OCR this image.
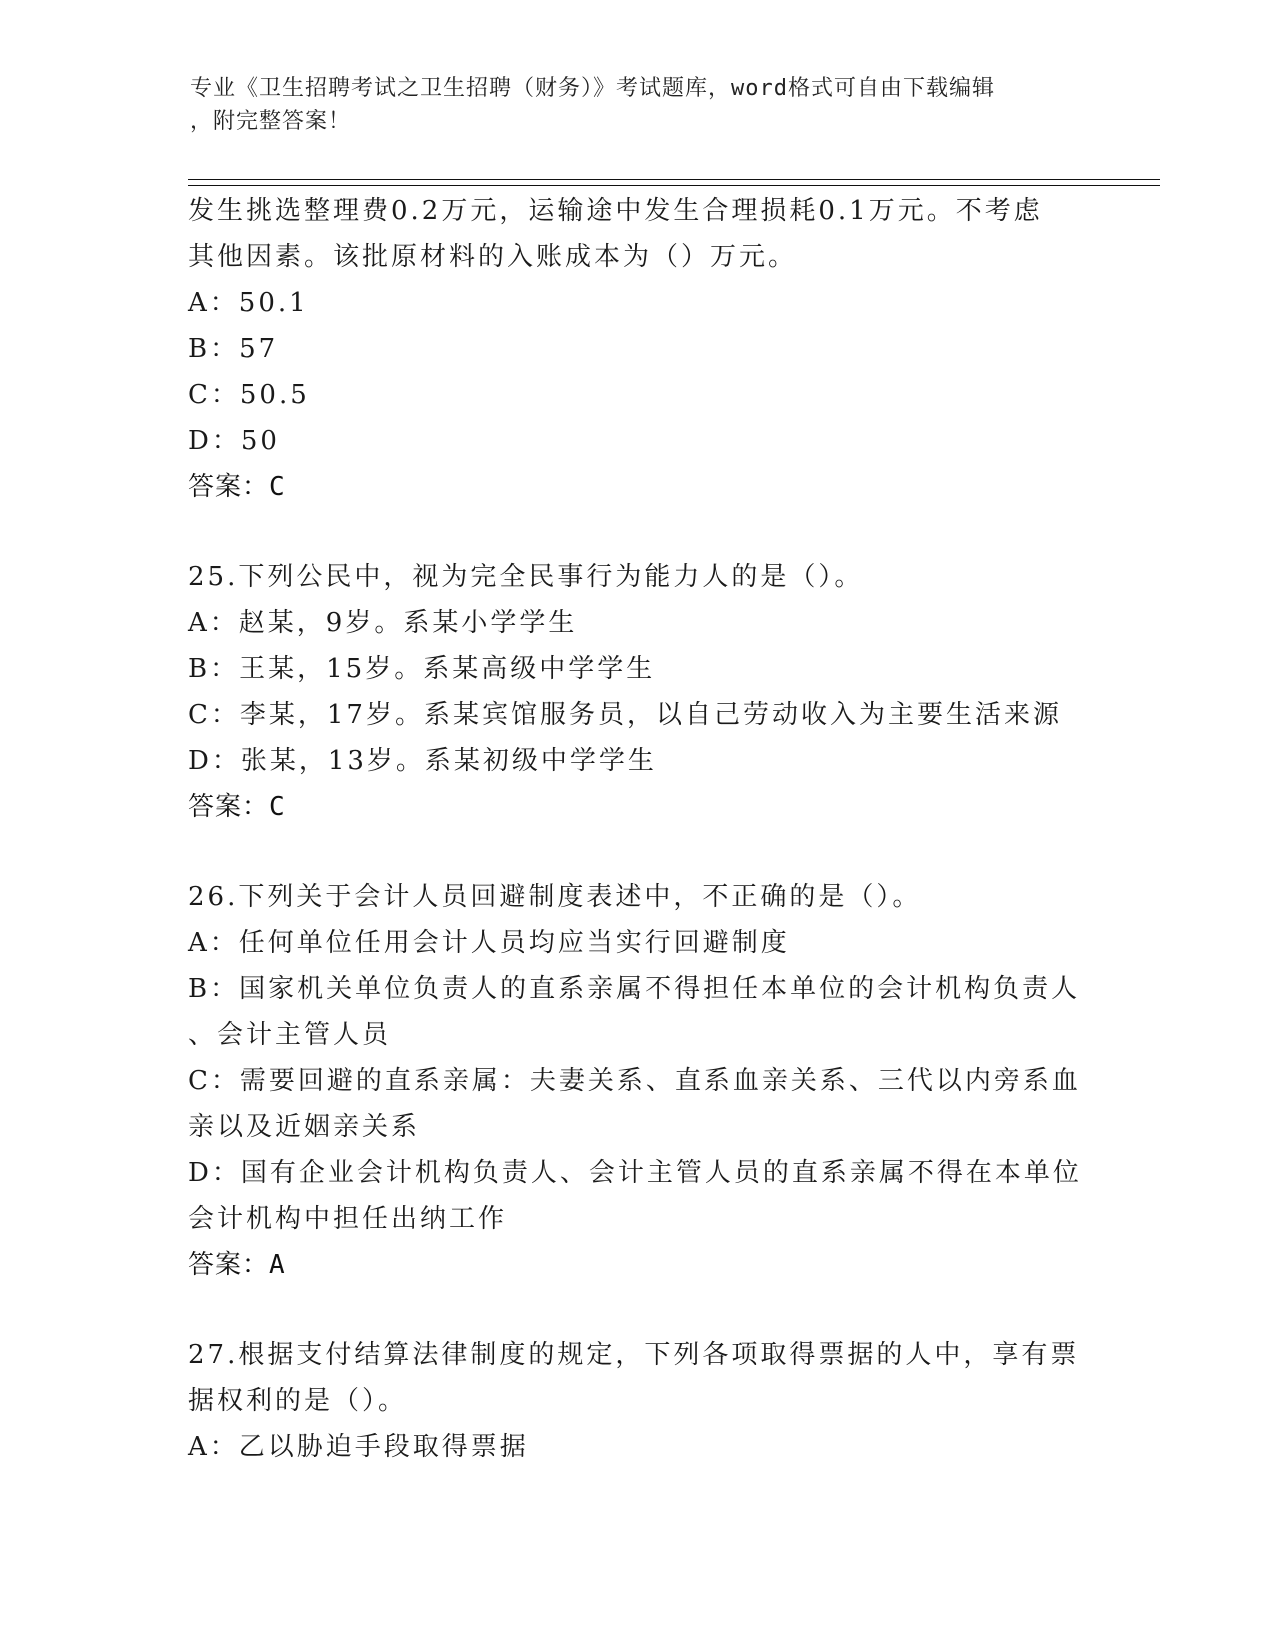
专业《卫生招聘考试之卫生招聘（财务）》考试题库，word格式可自由下载编辑
，附完整答案！
发生挑选整理费0.2万元，运输途中发生合理损耗0.1万元。不考虑
其他因素。该批原材料的入账成本为（）万元。
A：50.1
B：57
C：50.5
D：50
答案：C
25.下列公民中，视为完全民事行为能力人的是（）。
A：赵某，9岁。系某小学学生
B：王某，15岁。系某高级中学学生
C：李某，17岁。系某宾馆服务员，以自己劳动收入为主要生活来源
D：张某，13岁。系某初级中学学生
答案：C
26.下列关于会计人员回避制度表述中，不正确的是（）。
A：任何单位任用会计人员均应当实行回避制度
B：国家机关单位负责人的直系亲属不得担任本单位的会计机构负责人
、会计主管人员
C：需要回避的直系亲属：夫妻关系、直系血亲关系、三代以内旁系血
亲以及近姻亲关系
D：国有企业会计机构负责人、会计主管人员的直系亲属不得在本单位
会计机构中担任出纳工作
答案：A
27.根据支付结算法律制度的规定，下列各项取得票据的人中，享有票
据权利的是（）。
A：乙以胁迫手段取得票据
